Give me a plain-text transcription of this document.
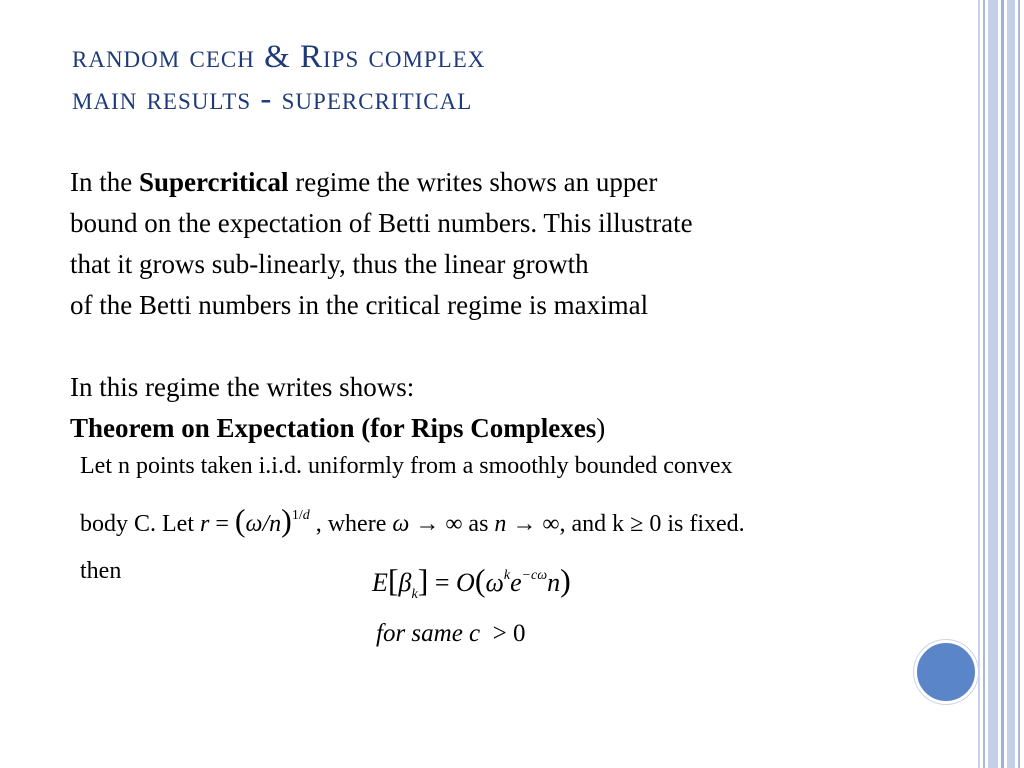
random cech & Rips complex
main results - supercritical

In the Supercritical regime the writes shows an upper

bound on the expectation of Betti numbers. This illustrate

that it grows sub-linearly, thus the linear growth

of the Betti numbers in the critical regime is maximal

In this regime the writes shows:

Theorem on Expectation (for Rips Complexes)

Let n points taken i.i.d. uniformly from a smoothly bounded convex
body C. Let $r = (\omega/n)^{1/d}$ , where ω → ∞ as n → ∞, and k ≥ 0 is fixed.
then	$E[\beta_k] = O(\omega^ke^{-c\omega}n)$
for same c  > 0
